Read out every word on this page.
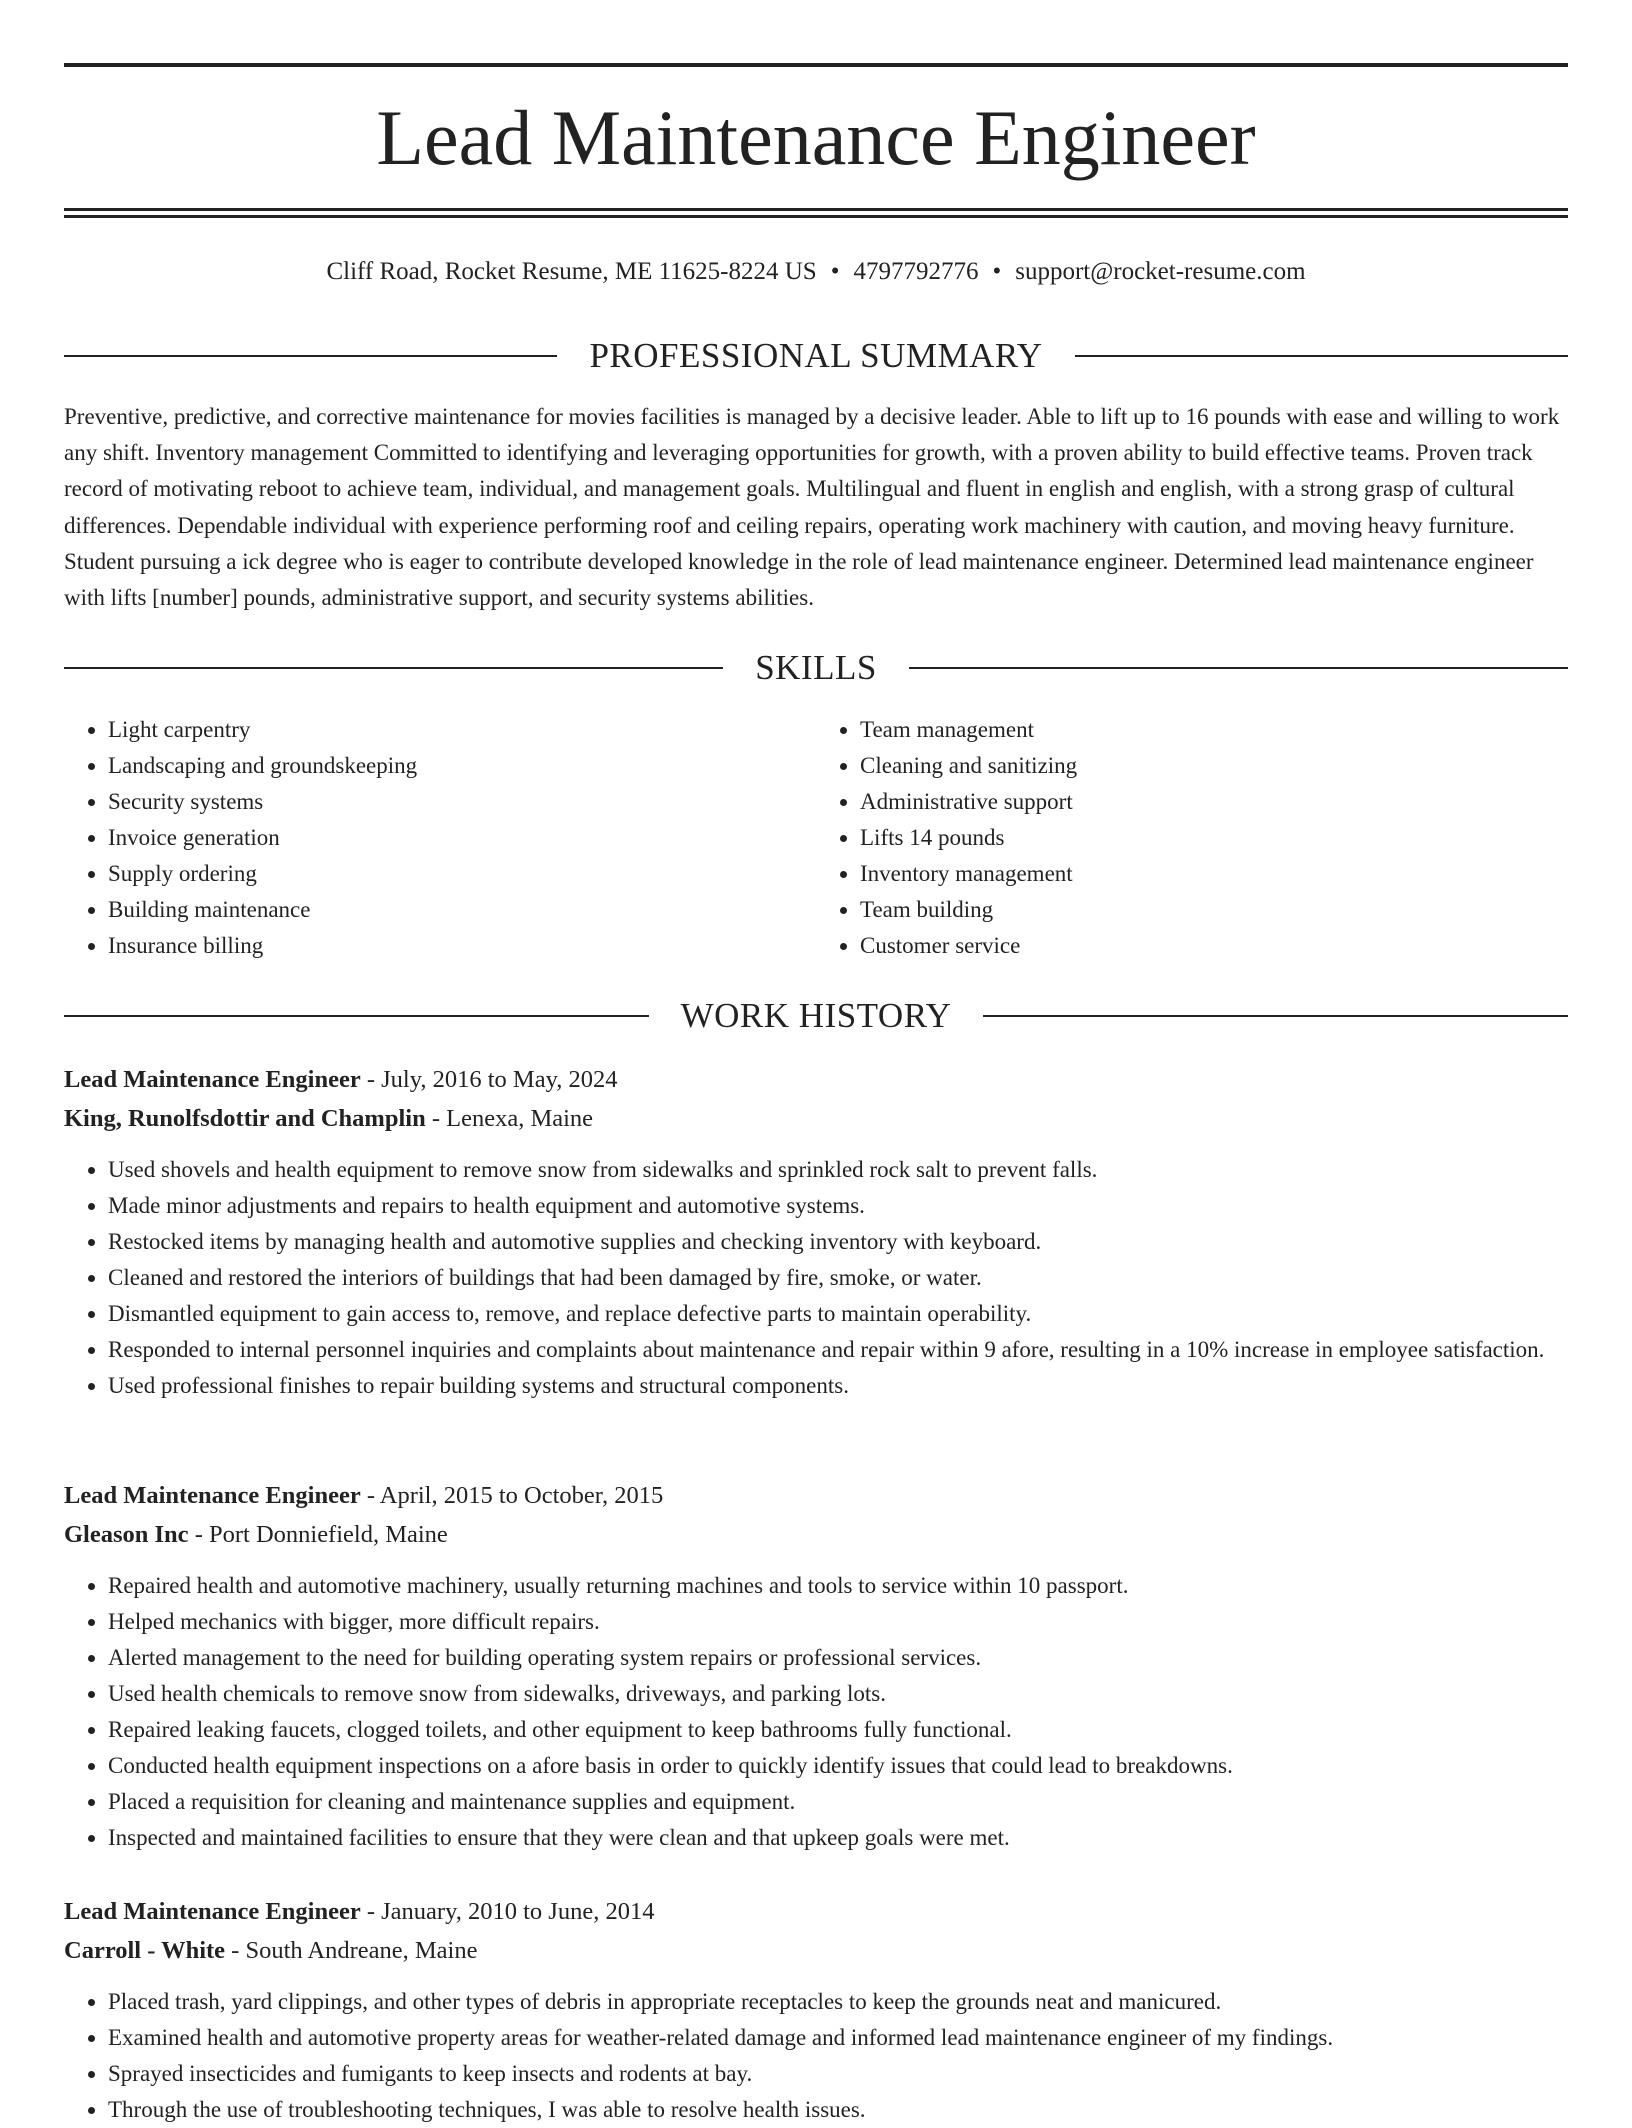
Lead Maintenance Engineer
Cliff Road, Rocket Resume, ME 11625-8224 US • 4797792776 • support@rocket-resume.com
PROFESSIONAL SUMMARY

Preventive, predictive, and corrective maintenance for movies facilities is managed by a decisive leader. Able to lift up to 16 pounds with ease and willing to work any shift. Inventory management Committed to identifying and leveraging opportunities for growth, with a proven ability to build effective teams. Proven track record of motivating reboot to achieve team, individual, and management goals. Multilingual and fluent in english and english, with a strong grasp of cultural differences. Dependable individual with experience performing roof and ceiling repairs, operating work machinery with caution, and moving heavy furniture. Student pursuing a ick degree who is eager to contribute developed knowledge in the role of lead maintenance engineer. Determined lead maintenance engineer with lifts [number] pounds, administrative support, and security systems abilities.

SKILLS
• Light carpentry
• Landscaping and groundskeeping
• Security systems
• Invoice generation
• Supply ordering
• Building maintenance
• Insurance billing
• Team management
• Cleaning and sanitizing
• Administrative support
• Lifts 14 pounds
• Inventory management
• Team building
• Customer service
WORK HISTORY
Lead Maintenance Engineer - July, 2016 to May, 2024
King, Runolfsdottir and Champlin - Lenexa, Maine
• Used shovels and health equipment to remove snow from sidewalks and sprinkled rock salt to prevent falls.
• Made minor adjustments and repairs to health equipment and automotive systems.
• Restocked items by managing health and automotive supplies and checking inventory with keyboard.
• Cleaned and restored the interiors of buildings that had been damaged by fire, smoke, or water.
• Dismantled equipment to gain access to, remove, and replace defective parts to maintain operability.
• Responded to internal personnel inquiries and complaints about maintenance and repair within 9 afore, resulting in a 10% increase in employee satisfaction.
• Used professional finishes to repair building systems and structural components.
Lead Maintenance Engineer - April, 2015 to October, 2015
Gleason Inc - Port Donniefield, Maine
• Repaired health and automotive machinery, usually returning machines and tools to service within 10 passport.
• Helped mechanics with bigger, more difficult repairs.
• Alerted management to the need for building operating system repairs or professional services.
• Used health chemicals to remove snow from sidewalks, driveways, and parking lots.
• Repaired leaking faucets, clogged toilets, and other equipment to keep bathrooms fully functional.
• Conducted health equipment inspections on a afore basis in order to quickly identify issues that could lead to breakdowns.
• Placed a requisition for cleaning and maintenance supplies and equipment.
• Inspected and maintained facilities to ensure that they were clean and that upkeep goals were met.
Lead Maintenance Engineer - January, 2010 to June, 2014
Carroll - White - South Andreane, Maine
• Placed trash, yard clippings, and other types of debris in appropriate receptacles to keep the grounds neat and manicured.
• Examined health and automotive property areas for weather-related damage and informed lead maintenance engineer of my findings.
• Sprayed insecticides and fumigants to keep insects and rodents at bay.
• Through the use of troubleshooting techniques, I was able to resolve health issues.
